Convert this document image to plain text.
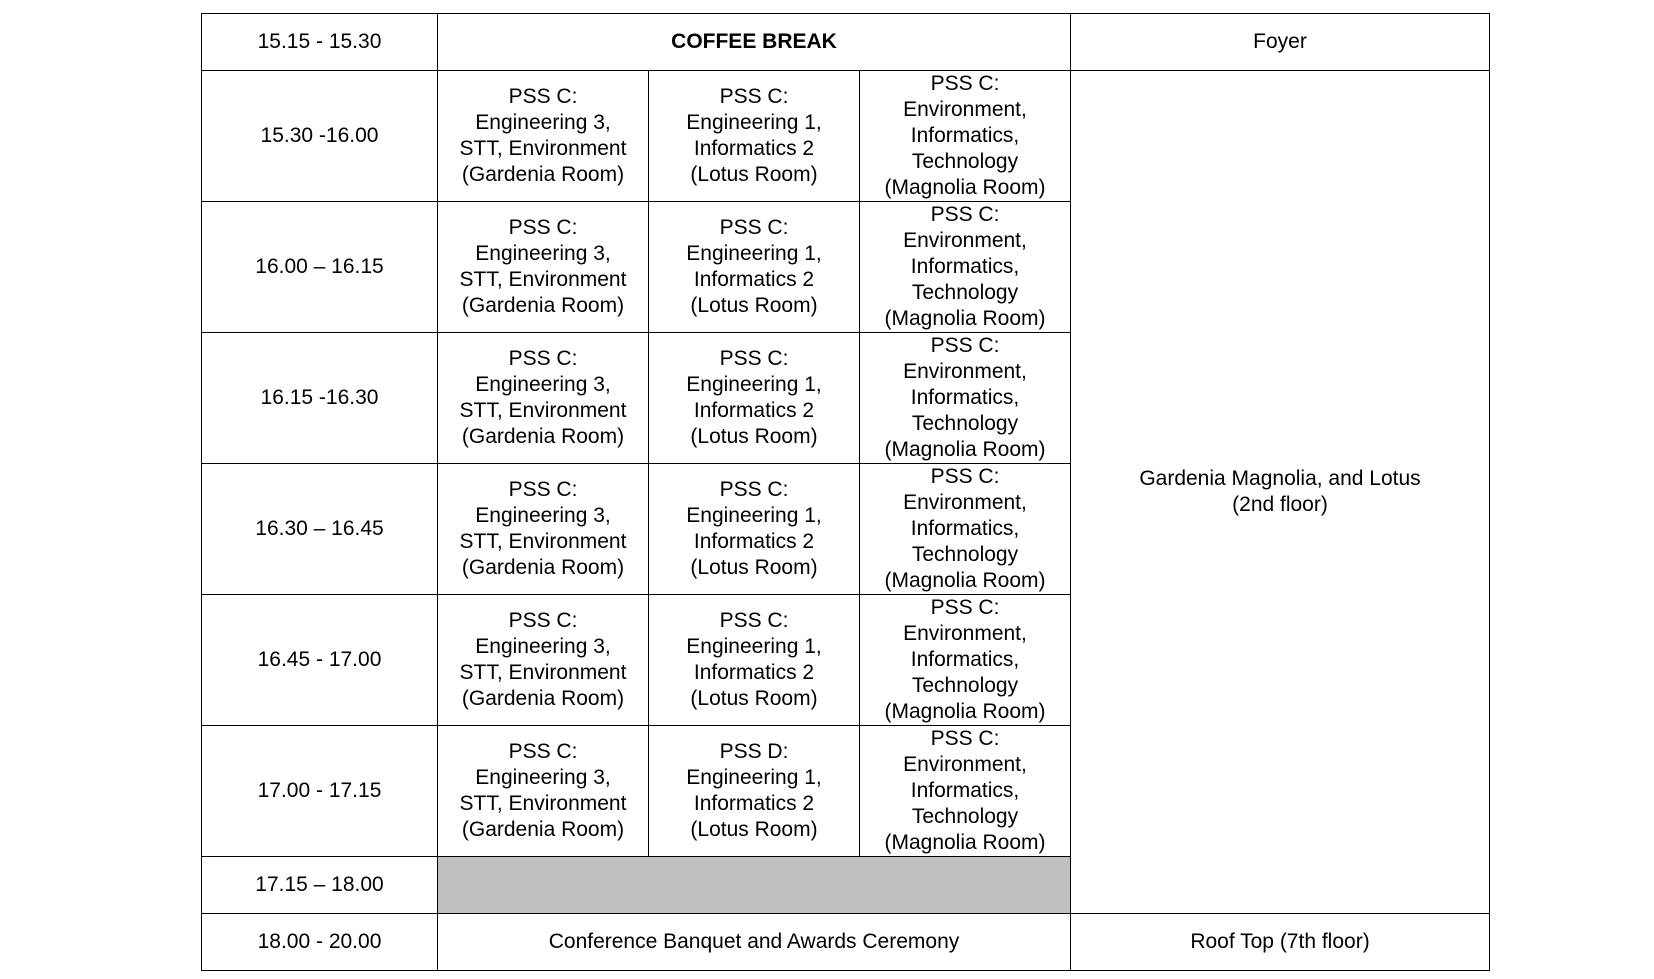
15.15 - 15.30	COFFEE BREAK			Foyer
15.30 -16.00	PSS C:
Engineering 3,
STT, Environment
(Gardenia Room)	PSS C:
Engineering 1,
Informatics 2
(Lotus Room)	PSS C:
Environment,
Informatics,
Technology
(Magnolia Room)	Gardenia Magnolia, and Lotus
(2nd floor)

16.00 – 16.15	PSS C:
Engineering 3,
STT, Environment
(Gardenia Room)	PSS C:
Engineering 1,
Informatics 2
(Lotus Room)	PSS C:
Environment,
Informatics,
Technology
(Magnolia Room)	

16.15 -16.30	PSS C:
Engineering 3,
STT, Environment
(Gardenia Room)	PSS C:
Engineering 1,
Informatics 2
(Lotus Room)	PSS C:
Environment,
Informatics,
Technology
(Magnolia Room)	

16.30 – 16.45	PSS C:
Engineering 3,
STT, Environment
(Gardenia Room)	PSS C:
Engineering 1,
Informatics 2
(Lotus Room)	PSS C:
Environment,
Informatics,
Technology
(Magnolia Room)	

16.45 - 17.00	PSS C:
Engineering 3,
STT, Environment
(Gardenia Room)	PSS C:
Engineering 1,
Informatics 2
(Lotus Room)	PSS C:
Environment,
Informatics,
Technology
(Magnolia Room)	

17.00 - 17.15	PSS C:
Engineering 3,
STT, Environment
(Gardenia Room)	PSS D:
Engineering 1,
Informatics 2
(Lotus Room)	PSS C:
Environment,
Informatics,
Technology
(Magnolia Room)	

17.15 – 18.00				
18.00 - 20.00	Conference Banquet and Awards Ceremony			Roof Top (7th floor)
